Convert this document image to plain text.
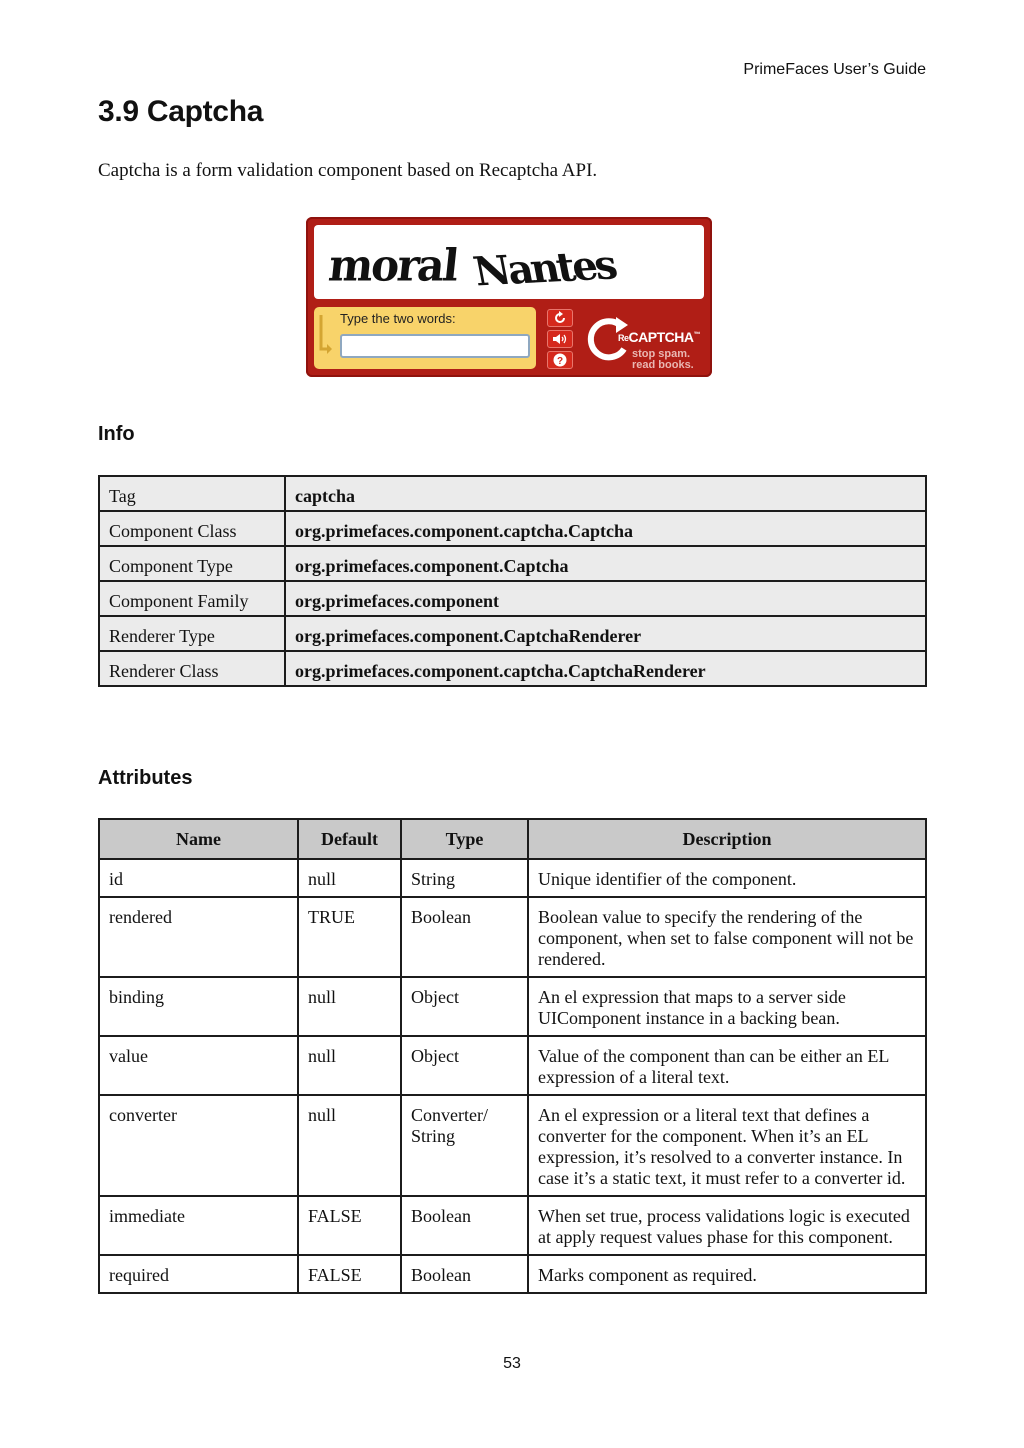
PrimeFaces User’s Guide
3.9 Captcha

Captcha is a form validation component based on Recaptcha API.

moral Nantes
Type the two words:
?
ReCAPTCHA™
stop spam.
read books.
Info
Tag	captcha
Component Class	org.primefaces.component.captcha.Captcha
Component Type	org.primefaces.component.Captcha
Component Family	org.primefaces.component
Renderer Type	org.primefaces.component.CaptchaRenderer
Renderer Class	org.primefaces.component.captcha.CaptchaRenderer
Attributes
Name	Default	Type	Description
id	null	String	Unique identifier of the component.
rendered	TRUE	Boolean	Boolean value to specify the rendering of the component, when set to false component will not be rendered.
binding	null	Object	An el expression that maps to a server side UIComponent instance in a backing bean.
value	null	Object	Value of the component than can be either an EL expression of a literal text.
converter	null	Converter/ String	An el expression or a literal text that defines a converter for the component. When it’s an EL expression, it’s resolved to a converter instance. In case it’s a static text, it must refer to a converter id.
immediate	FALSE	Boolean	When set true, process validations logic is executed at apply request values phase for this component.
required	FALSE	Boolean	Marks component as required.
53
